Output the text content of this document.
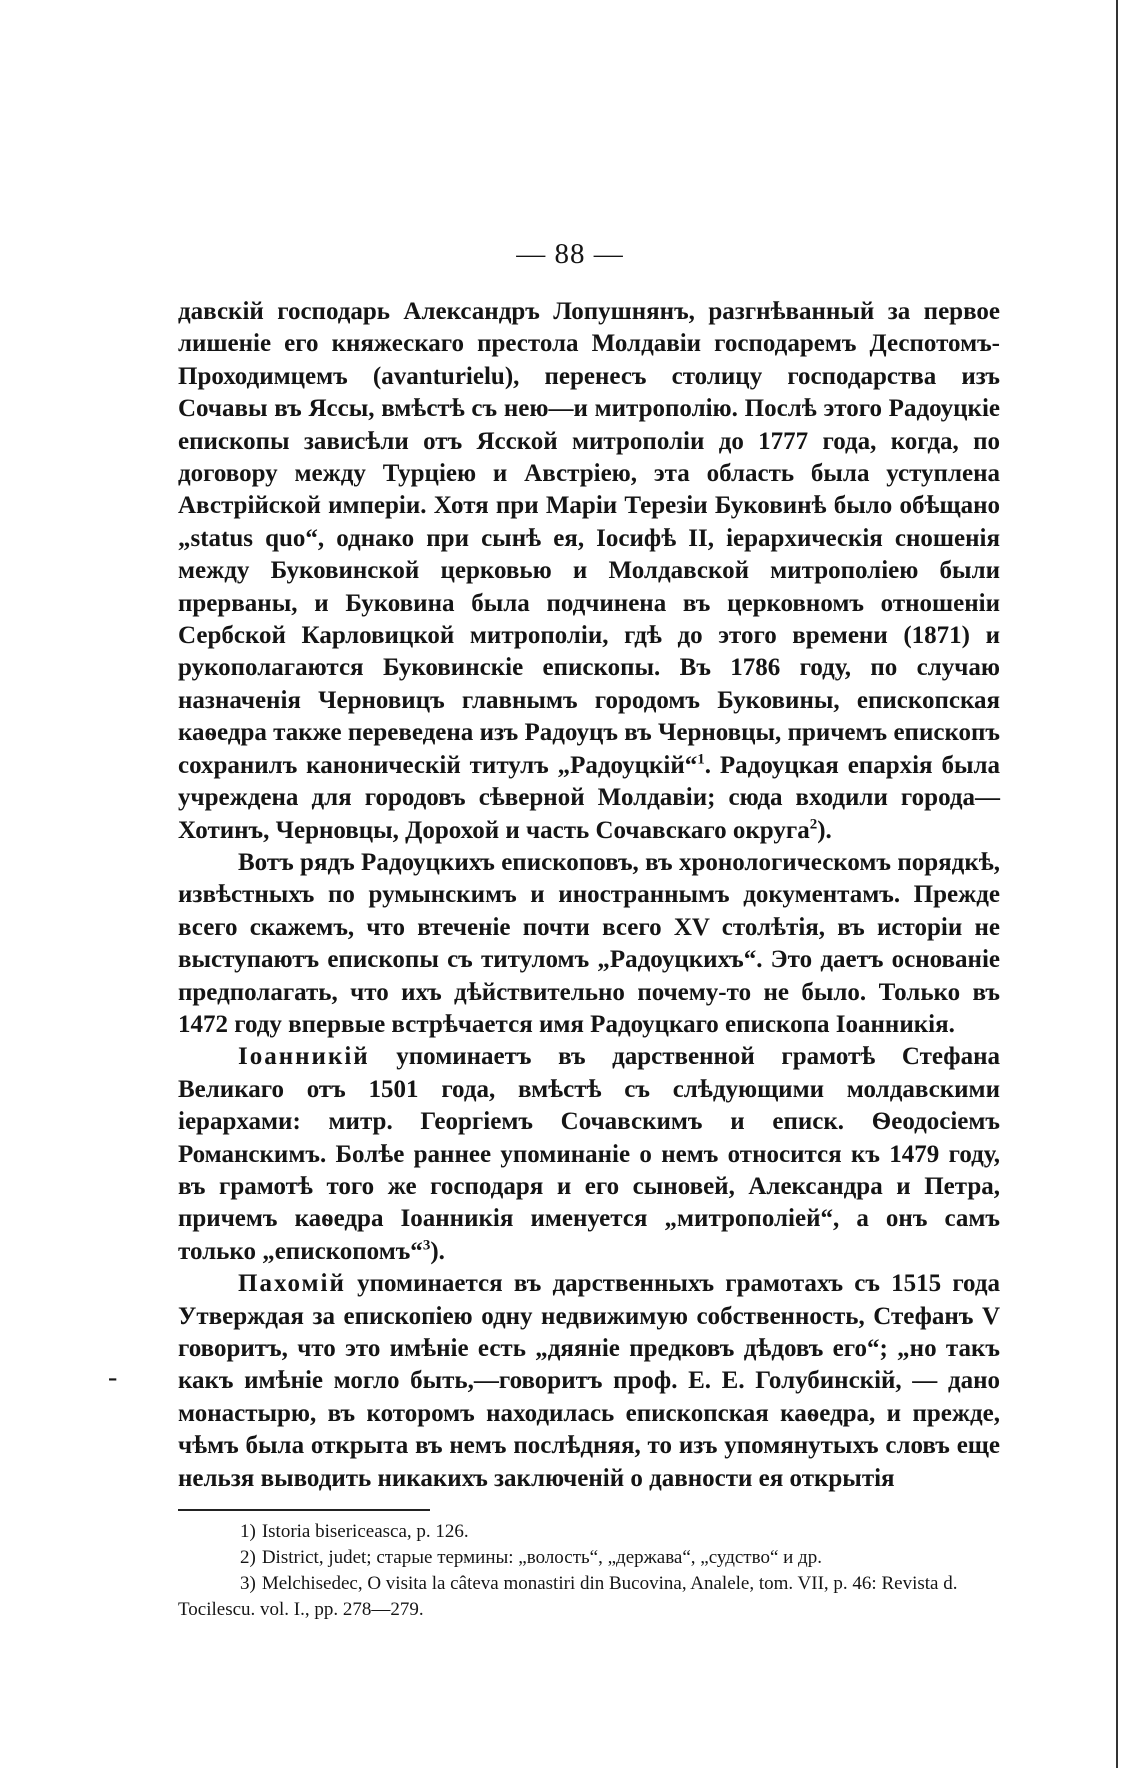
— 88 —
-

давскій господарь Александръ Лопушнянъ, разгнѣванный за первое лишеніе его княжескаго престола Молдавіи господаремъ Деспотомъ-Проходимцемъ (avanturielu), перенесъ столицу господарства изъ Сочавы въ Яссы, вмѣстѣ съ нею—и митрополію. Послѣ этого Радоуцкіе епископы зависѣли отъ Ясской митрополіи до 1777 года, когда, по договору между Турціею и Австріею, эта область была уступлена Австрійской имперіи. Хотя при Маріи Терезіи Буковинѣ было обѣщано „status quo“, однако при сынѣ ея, Іосифѣ II, іерархическія сношенія между Буковинской церковью и Молдавской митрополіею были прерваны, и Буковина была подчинена въ церковномъ отношеніи Сербской Карловицкой митрополіи, гдѣ до этого времени (1871) и рукополагаются Буковинскіе епископы. Въ 1786 году, по случаю назначенія Черновицъ главнымъ городомъ Буковины, епископская каѳедра также переведена изъ Радоуцъ въ Черновцы, причемъ епископъ сохранилъ каноническій титулъ „Радоуцкій“$^1$. Радоуцкая епархія была учреждена для городовъ сѣверной Молдавіи; сюда входили города—Хотинъ, Черновцы, Дорохой и часть Сочавскаго округа$^2$).

Вотъ рядъ Радоуцкихъ епископовъ, въ хронологическомъ порядкѣ, извѣстныхъ по румынскимъ и иностраннымъ документамъ. Прежде всего скажемъ, что втеченіе почти всего XV столѣтія, въ исторіи не выступаютъ епископы съ титуломъ „Радоуцкихъ“. Это даетъ основаніе предполагать, что ихъ дѣйствительно почему-то не было. Только въ 1472 году впервые встрѣчается имя Радоуцкаго епископа Іоанникія.

Іоанникій упоминаетъ въ дарственной грамотѣ Стефана Великаго отъ 1501 года, вмѣстѣ съ слѣдующими молдавскими іерархами: митр. Георгіемъ Сочавскимъ и еписк. Ѳеодосіемъ Романскимъ. Болѣе раннее упоминаніе о немъ относится къ 1479 году, въ грамотѣ того же господаря и его сыновей, Александра и Петра, причемъ каѳедра Іоанникія именуется „митрополіей“, а онъ самъ только „епископомъ“$^3$).

Пахомій упоминается въ дарственныхъ грамотахъ съ 1515 года Утверждая за епископіею одну недвижимую собственность, Стефанъ V говоритъ, что это имѣніе есть „дяяніе предковъ дѣдовъ его“; „но такъ какъ имѣніе могло быть,—говоритъ проф. Е. Е. Голубинскій, — дано монастырю, въ которомъ находилась епископская каѳедра, и прежде, чѣмъ была открыта въ немъ послѣдняя, то изъ упомянутыхъ словъ еще нельзя выводить никакихъ заключеній о давности ея открытія

1) Istoria biserіceasca, p. 126.

2) District, judet; старые термины: „волость“, „держава“, „судство“ и др.

3) Melchisedec, O visita la câteva monastiri din Bucovina, Analele, tom. VII, p. 46: Revista d. Tocilescu. vol. I., pp. 278—279.
